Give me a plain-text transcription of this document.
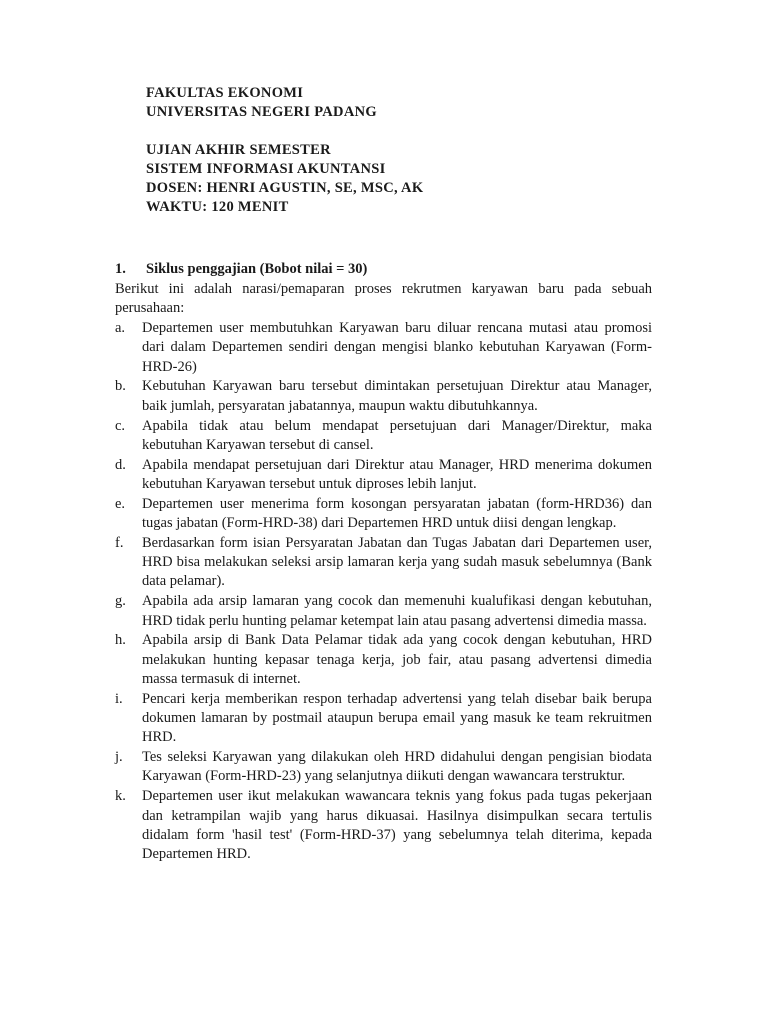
FAKULTAS EKONOMI
UNIVERSITAS NEGERI PADANG
UJIAN AKHIR SEMESTER
SISTEM INFORMASI AKUNTANSI
DOSEN: HENRI AGUSTIN, SE, MSC, AK
WAKTU: 120 MENIT
1. Siklus penggajian (Bobot nilai = 30)
Berikut ini adalah narasi/pemaparan proses rekrutmen karyawan baru pada sebuah perusahaan:
a.	Departemen user membutuhkan Karyawan baru diluar rencana mutasi atau promosi dari dalam Departemen sendiri dengan mengisi blanko kebutuhan Karyawan (Form-HRD-26)
b.	Kebutuhan Karyawan baru tersebut dimintakan persetujuan Direktur atau Manager, baik jumlah, persyaratan jabatannya, maupun waktu dibutuhkannya.
c.	Apabila tidak atau belum mendapat persetujuan dari Manager/Direktur, maka kebutuhan Karyawan tersebut di cansel.
d.	Apabila mendapat persetujuan dari Direktur atau Manager, HRD menerima dokumen kebutuhan Karyawan tersebut untuk diproses lebih lanjut.
e.	Departemen user menerima form kosongan persyaratan jabatan (form-HRD36) dan tugas jabatan (Form-HRD-38) dari Departemen HRD untuk diisi dengan lengkap.
f.	Berdasarkan form isian Persyaratan Jabatan dan Tugas Jabatan dari Departemen user, HRD bisa melakukan seleksi arsip lamaran kerja yang sudah masuk sebelumnya (Bank data pelamar).
g.	Apabila ada arsip lamaran yang cocok dan memenuhi kualufikasi dengan kebutuhan, HRD tidak perlu hunting pelamar ketempat lain atau pasang advertensi dimedia massa.
h.	Apabila arsip di Bank Data Pelamar tidak ada yang cocok dengan kebutuhan, HRD melakukan hunting kepasar tenaga kerja, job fair, atau pasang advertensi dimedia massa termasuk di internet.
i.	Pencari kerja memberikan respon terhadap advertensi yang telah disebar baik berupa dokumen lamaran by postmail ataupun berupa email yang masuk ke team rekruitmen HRD.
j.	Tes seleksi Karyawan yang dilakukan oleh HRD didahului dengan pengisian biodata Karyawan (Form-HRD-23) yang selanjutnya diikuti dengan wawancara terstruktur.
k.	Departemen user ikut melakukan wawancara teknis yang fokus pada tugas pekerjaan dan ketrampilan wajib yang harus dikuasai. Hasilnya disimpulkan secara tertulis didalam form 'hasil test' (Form-HRD-37) yang sebelumnya telah diterima, kepada Departemen HRD.
